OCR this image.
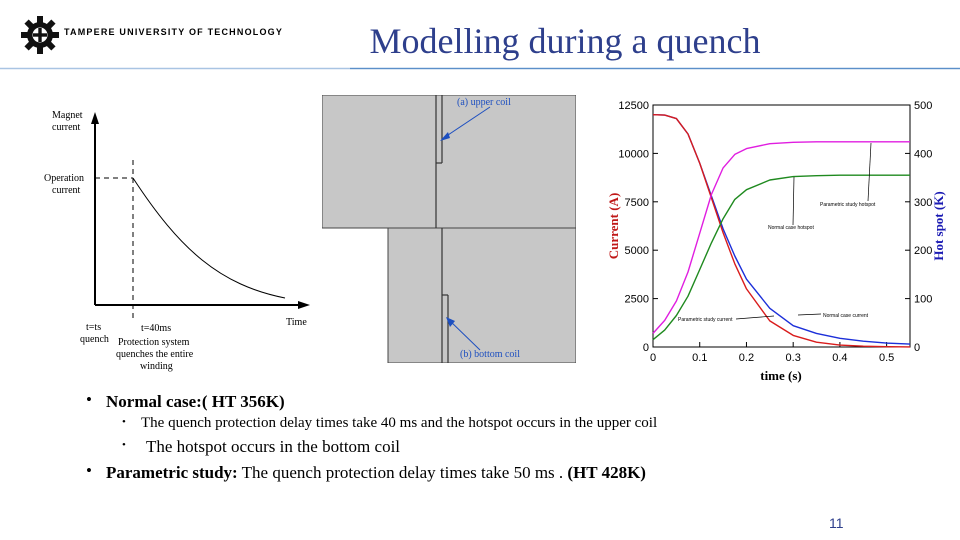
TAMPERE UNIVERSITY OF TECHNOLOGY	Modelling during a quench
Magnet
current
Operation
current
Time
t=ts
quench
t=40ms
Protection system
quenches the entire
winding
(a) upper coil
(b) bottom coil	0	0.1	0.2	0.3	0.4	0.5
0
2500
5000
7500
10000
12500
0
100
200
300
400
500
Current (A)	Hot spot (K)
time (s)
Parametric study hotspot
Normal case hotspot
Parametric study current
Normal case current
• Normal case:( HT 356K)
• The quench protection delay times take 40 ms and the hotspot occurs in the upper coil
• The hotspot occurs in the bottom coil
• Parametric study: The quench protection delay times take 50 ms . (HT 428K)
11
